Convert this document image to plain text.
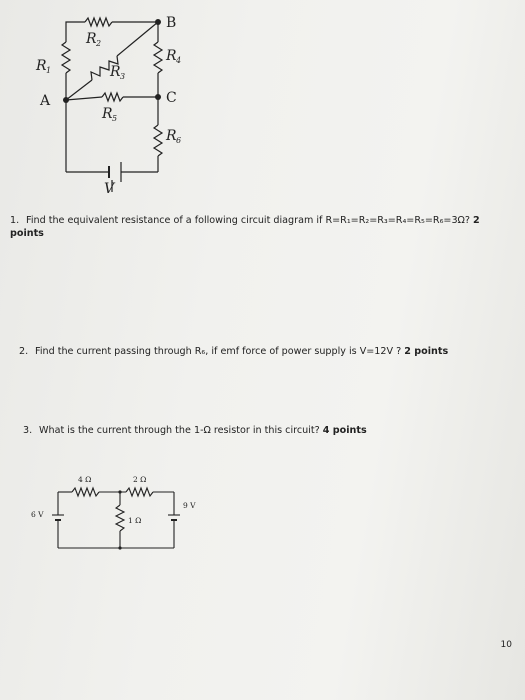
B
C
A
R 2
R 1	R 3
R 4
R 5
R 6
V
1. Find the equivalent resistance of a following circuit diagram if R=R₁=R₂=R₃=R₄=R₅=R₆=3Ω? 2 points
2. Find the current passing through R₆, if emf force of power supply is V=12V ? 2 points
3. What is the current through the 1-Ω resistor in this circuit? 4 points
4 Ω	2 Ω
1 Ω
6 V
9 V
10
